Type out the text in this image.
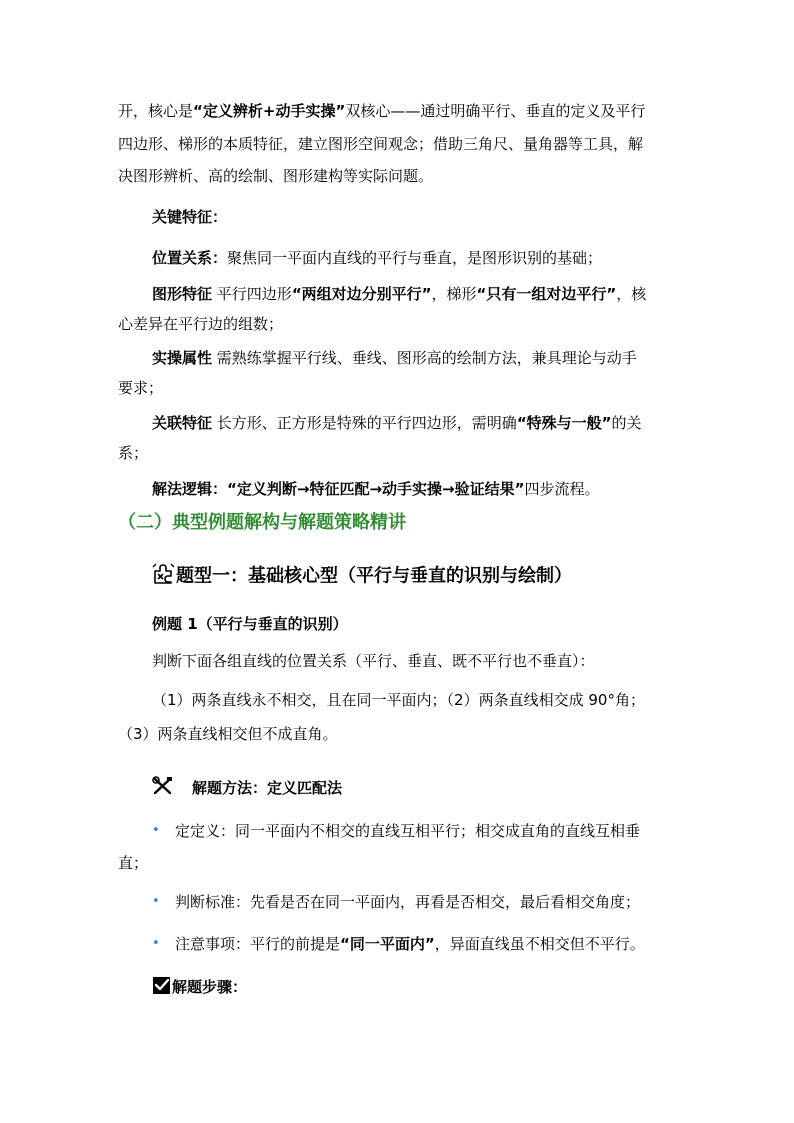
开，核心是“定义辨析+动手实操”双核心——通过明确平行、垂直的定义及平行
四边形、梯形的本质特征，建立图形空间观念；借助三角尺、量角器等工具，解
决图形辨析、高的绘制、图形建构等实际问题。
关键特征：
位置关系：聚焦同一平面内直线的平行与垂直，是图形识别的基础；
图形特征 平行四边形“两组对边分别平行”，梯形“只有一组对边平行”，核
心差异在平行边的组数；
实操属性 需熟练掌握平行线、垂线、图形高的绘制方法，兼具理论与动手
要求；
关联特征 长方形、正方形是特殊的平行四边形，需明确“特殊与一般”的关
系；
解法逻辑：“定义判断→特征匹配→动手实操→验证结果”四步流程。
（二）典型例题解构与解题策略精讲
题型一：基础核心型（平行与垂直的识别与绘制）
例题 1（平行与垂直的识别）
判断下面各组直线的位置关系（平行、垂直、既不平行也不垂直）：
（1）两条直线永不相交，且在同一平面内；（2）两条直线相交成 90°角；
（3）两条直线相交但不成直角。
解题方法：定义匹配法
• 定定义：同一平面内不相交的直线互相平行；相交成直角的直线互相垂
直；
• 判断标准：先看是否在同一平面内，再看是否相交，最后看相交角度；
• 注意事项：平行的前提是“同一平面内”，异面直线虽不相交但不平行。
解题步骤：
